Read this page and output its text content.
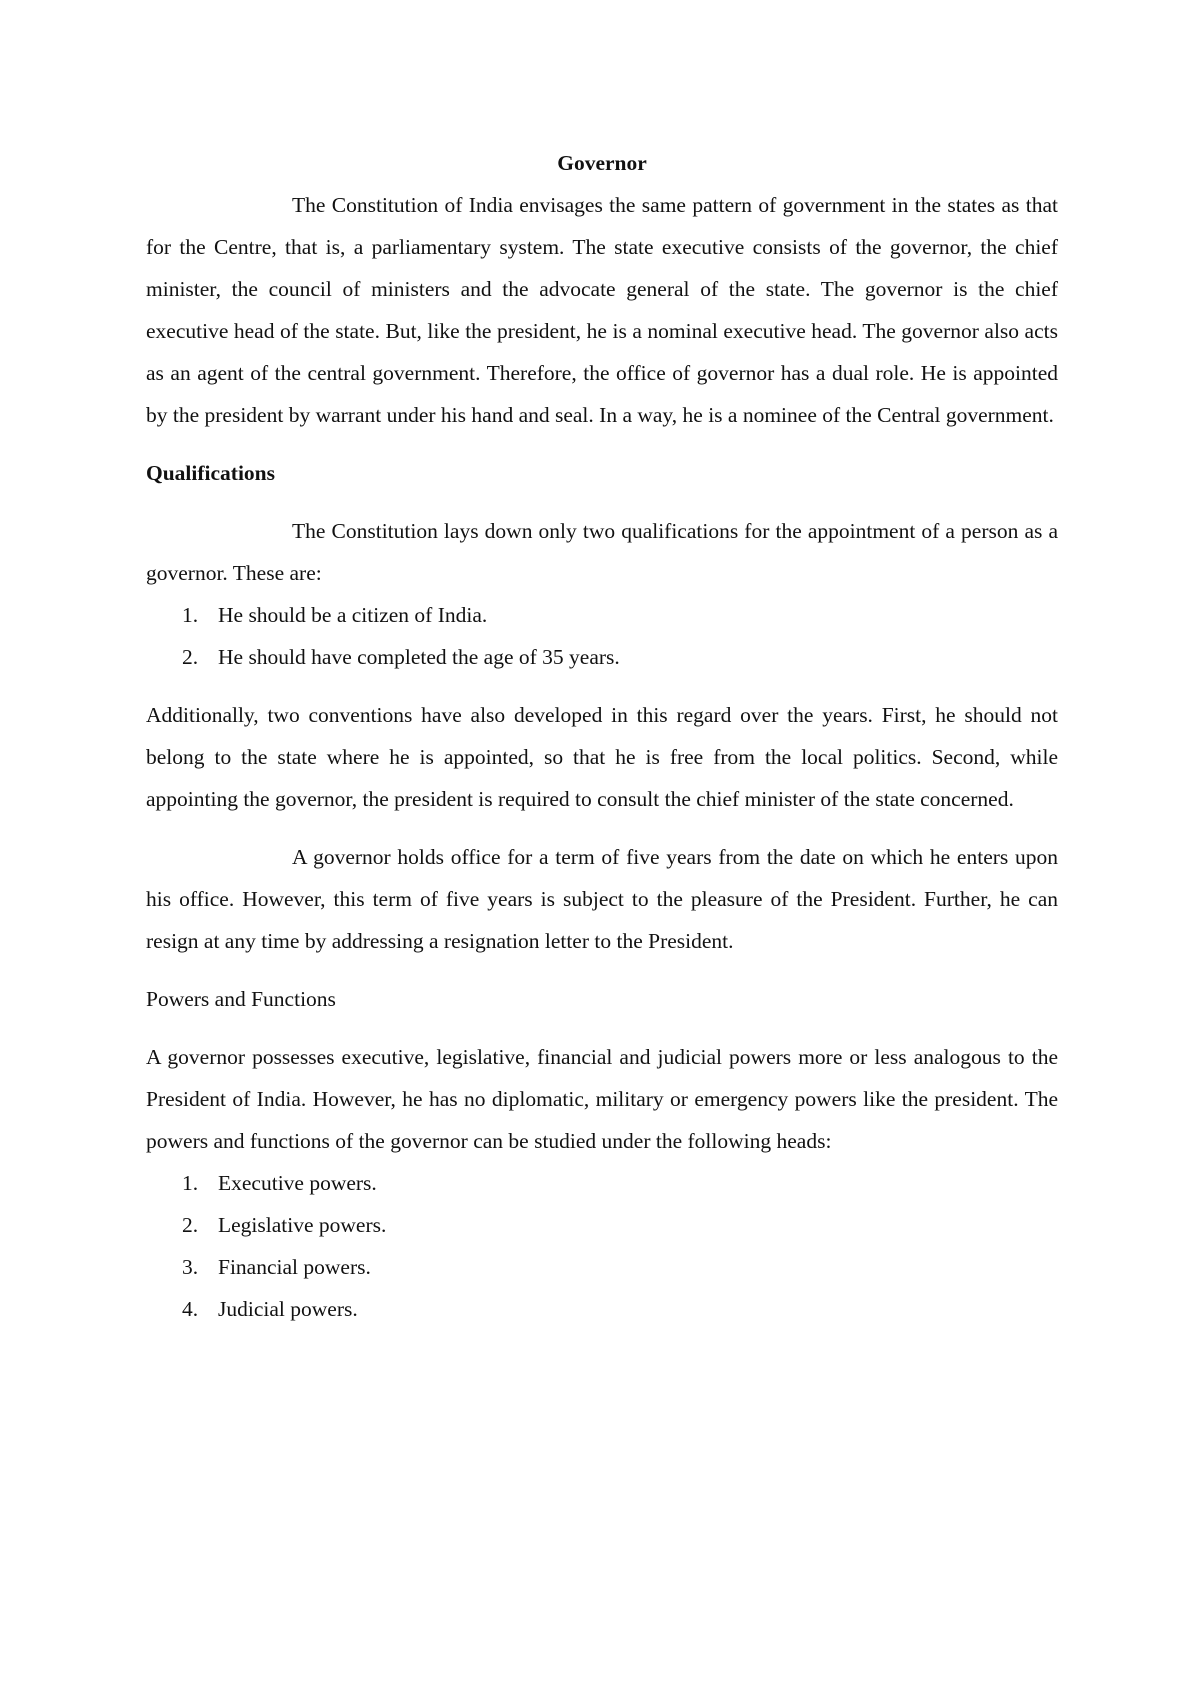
Governor

The Constitution of India envisages the same pattern of government in the states as that for the Centre, that is, a parliamentary system. The state executive consists of the governor, the chief minister, the council of ministers and the advocate general of the state. The governor is the chief executive head of the state. But, like the president, he is a nominal executive head. The governor also acts as an agent of the central government. Therefore, the office of governor has a dual role. He is appointed by the president by warrant under his hand and seal. In a way, he is a nominee of the Central government.

Qualifications

The Constitution lays down only two qualifications for the appointment of a person as a governor. These are:

1. He should be a citizen of India.
2. He should have completed the age of 35 years.

Additionally, two conventions have also developed in this regard over the years. First, he should not belong to the state where he is appointed, so that he is free from the local politics. Second, while appointing the governor, the president is required to consult the chief minister of the state concerned.

A governor holds office for a term of five years from the date on which he enters upon his office. However, this term of five years is subject to the pleasure of the President. Further, he can resign at any time by addressing a resignation letter to the President.

Powers and Functions

A governor possesses executive, legislative, financial and judicial powers more or less analogous to the President of India. However, he has no diplomatic, military or emergency powers like the president. The powers and functions of the governor can be studied under the following heads:

1. Executive powers.
2. Legislative powers.
3. Financial powers.
4. Judicial powers.
